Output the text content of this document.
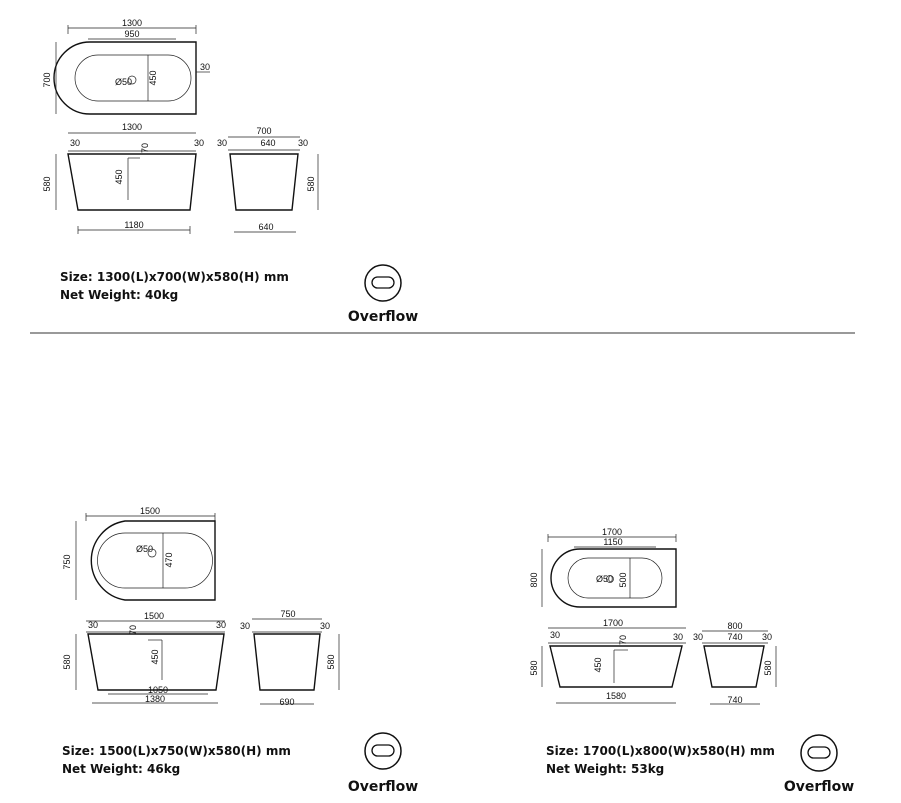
1300
950
450
Ø50
30
700
1300
30	30
70
450
580
1180
700
30	640 30
580
640
Overflow
1500
470
Ø50
750
1500
30	30
70
450
580
1050
1380
750
30	30
580
690
Overflow
1700
1150
500
Ø50
800
1700
30	30
70
450
580
1580
800
30	740 30
580
740
Overflow
Size: 1300(L)x700(W)x580(H) mm
Net Weight: 40kg
Size: 1500(L)x750(W)x580(H) mm
Net Weight: 46kg
Size: 1700(L)x800(W)x580(H) mm
Net Weight: 53kg
